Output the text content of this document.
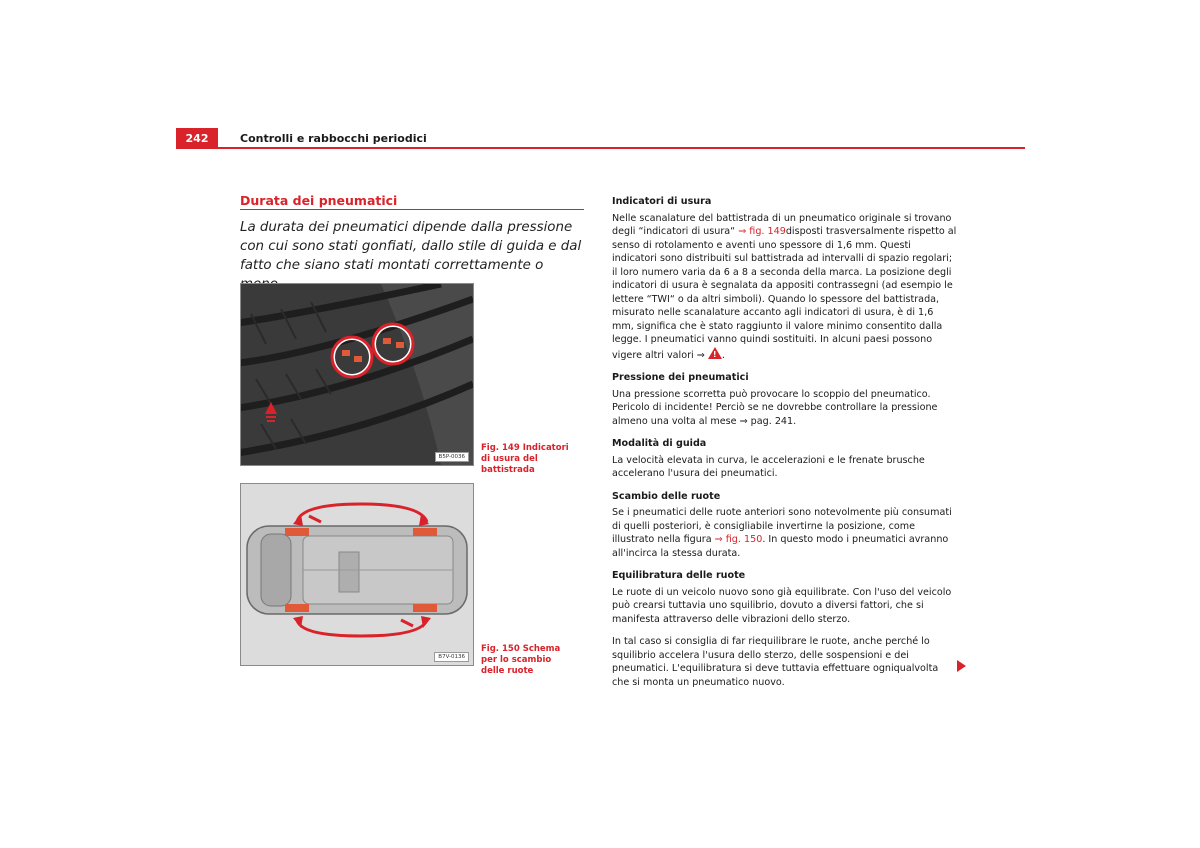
242	Controlli e rabbocchi periodici
Durata dei pneumatici
La durata dei pneumatici dipende dalla pressione con cui sono stati gonfiati, dallo stile di guida e dal fatto che siano stati montati correttamente o
B5P-0036
Fig. 149 Indicatori di usura del battistrada
B7V-0136
Fig. 150 Schema per lo scambio delle ruote
Indicatori di usura

Nelle scanalature del battistrada di un pneumatico originale si trovano degli “indicatori di usura“ ⇒ fig. 149disposti trasversalmente rispetto al senso di rotolamento e aventi uno spessore di 1,6 mm. Questi indicatori sono distribuiti sul battistrada ad intervalli di spazio regolari; il loro numero varia da 6 a 8 a seconda della marca. La posizione degli indicatori di usura è segnalata da appositi contrassegni (ad esempio le lettere “TWI“ o da altri simboli). Quando lo spessore del battistrada, misurato nelle scanalature accanto agli indicatori di usura, è di 1,6 mm, significa che è stato raggiunto il valore minimo consentito dalla legge. I pneumatici vanno quindi sostituiti. In alcuni paesi possono vigere altri valori ⇒ !.

Pressione dei pneumatici

Una pressione scorretta può provocare lo scoppio del pneumatico. Pericolo di incidente! Perciò se ne dovrebbe controllare la pressione almeno una volta al mese ⇒ pag. 241.

Modalità di guida

La velocità elevata in curva, le accelerazioni e le frenate brusche accelerano l'usura dei pneumatici.

Scambio delle ruote

Se i pneumatici delle ruote anteriori sono notevolmente più consumati di quelli posteriori, è consigliabile invertirne la posizione, come illustrato nella figura ⇒ fig. 150. In questo modo i pneumatici avranno all'incirca la stessa durata.

Equilibratura delle ruote

Le ruote di un veicolo nuovo sono già equilibrate. Con l'uso del veicolo può crearsi tuttavia uno squilibrio, dovuto a diversi fattori, che si manifesta attraverso delle vibrazioni dello sterzo.

In tal caso si consiglia di far riequilibrare le ruote, anche perché lo squilibrio accelera l'usura dello sterzo, delle sospensioni e dei pneumatici. L'equilibratura si deve tuttavia effettuare ogniqualvolta che si monta un pneumatico nuovo.
